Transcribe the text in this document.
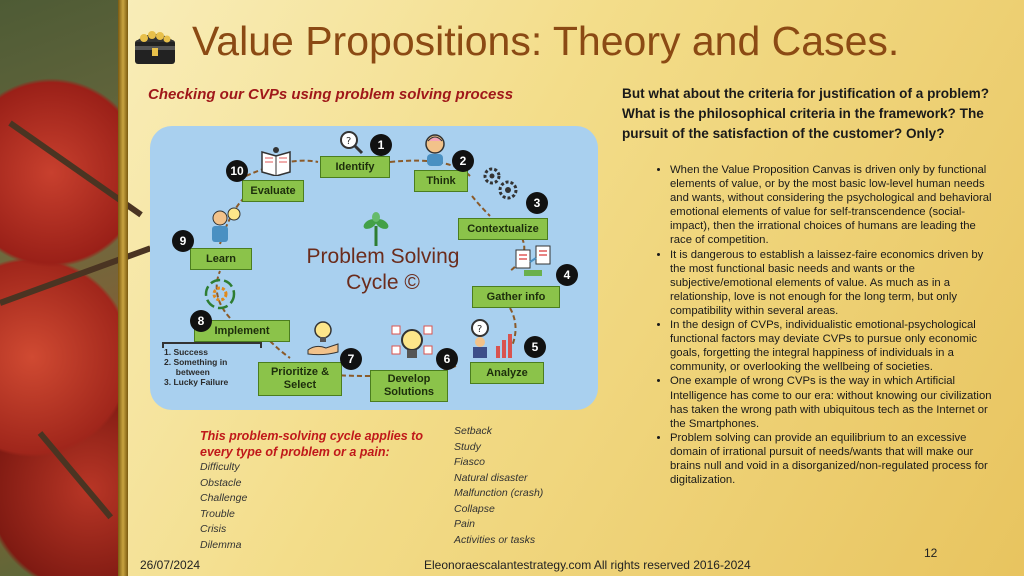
Value Propositions: Theory and Cases.
Checking our CVPs using problem solving process
Problem Solving
Cycle ©
Identify
1
?
Think
2
Contextualize
3
Gather info
4
Analyze
5
?
Develop Solutions
6
Prioritize & Select
7
Implement
8
1. Success
2. Something in
between
3. Lucky Failure
Learn
9
Evaluate
10
This problem-solving cycle applies to every type of problem or a pain:
Difficulty
Obstacle
Challenge
Trouble
Crisis
Dilemma
Setback
Study
Fiasco
Natural disaster
Malfunction (crash)
Collapse
Pain
Activities or tasks
But what about the criteria for justification of a problem? What is the philosophical criteria in the framework? The pursuit of the satisfaction of the customer? Only?
• When the Value Proposition Canvas is driven only by functional elements of value, or by the most basic low-level human needs and wants, without considering the psychological and behavioral emotional elements of value for self-transcendence (social-impact), then the irrational choices of humans are leading the race of competition.
• It is dangerous to establish a laissez-faire economics driven by the most functional basic needs and wants or the subjective/emotional elements of value. As much as in a relationship, love is not enough for the long term, but only compatibility within several areas.
• In the design of CVPs, individualistic emotional-psychological functional factors may deviate CVPs to pursue only economic goals, forgetting the integral happiness of individuals in a community, or overlooking the wellbeing of societies.
• One example of wrong CVPs is the way in which Artificial Intelligence has come to our era: without knowing our civilization has taken the wrong path with ubiquitous tech as the Internet or the Smartphones.
• Problem solving can provide an equilibrium to an excessive domain of irrational pursuit of needs/wants that will make our brains null and void in a disorganized/non-regulated process for digitalization.
26/07/2024	Eleonoraescalantestrategy.com All rights reserved 2016-2024
12
